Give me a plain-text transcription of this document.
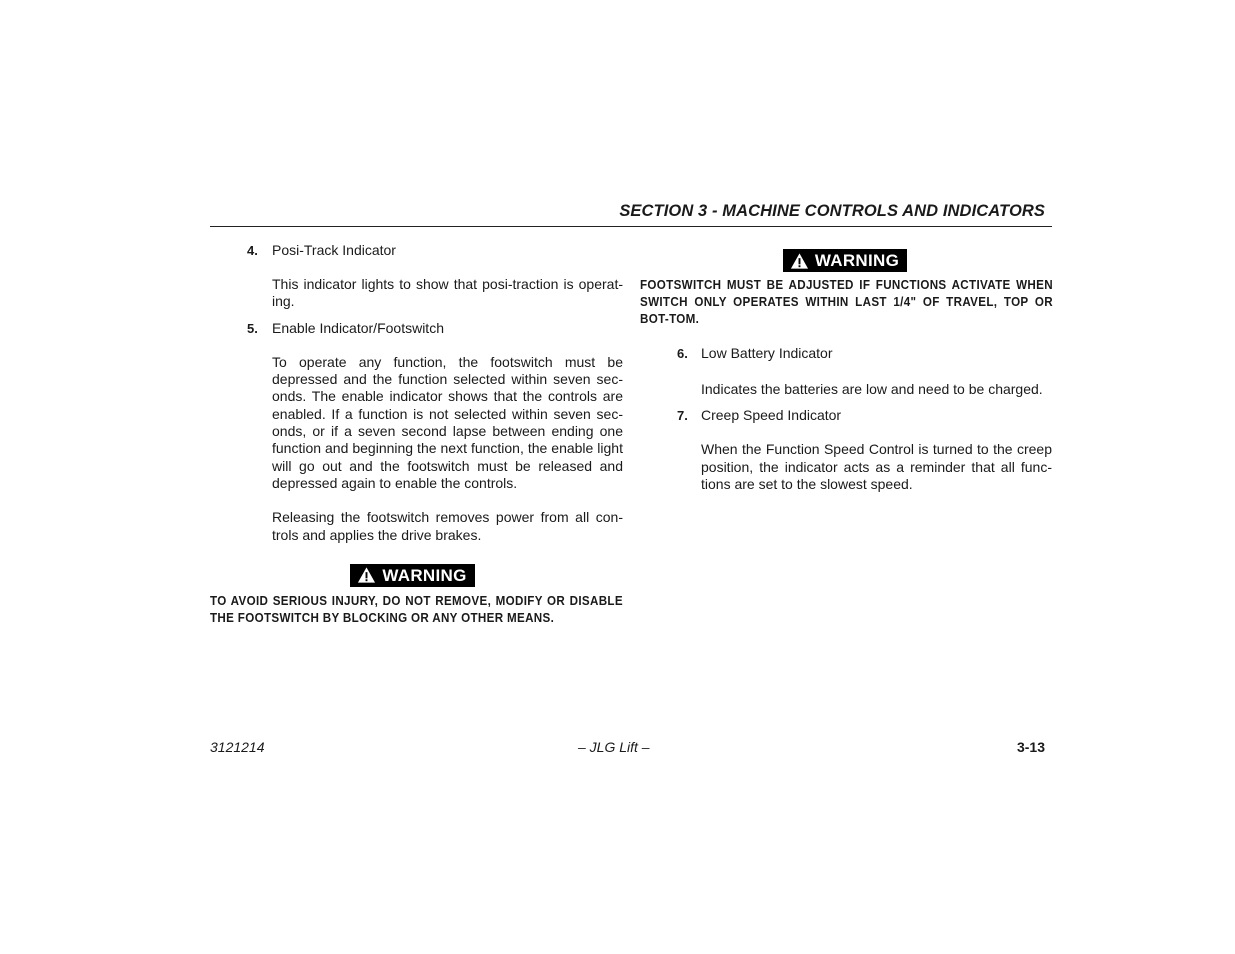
SECTION 3 - MACHINE CONTROLS AND INDICATORS
4. Posi-Track Indicator

This indicator lights to show that posi-traction is operat-ing.

5. Enable Indicator/Footswitch

To operate any function, the footswitch must be depressed and the function selected within seven sec-onds. The enable indicator shows that the controls are enabled. If a function is not selected within seven sec-onds, or if a seven second lapse between ending one function and beginning the next function, the enable light will go out and the footswitch must be released and depressed again to enable the controls.

Releasing the footswitch removes power from all con-trols and applies the drive brakes.

WARNING
TO AVOID SERIOUS INJURY, DO NOT REMOVE, MODIFY OR DISABLE THE FOOTSWITCH BY BLOCKING OR ANY OTHER MEANS.
WARNING
FOOTSWITCH MUST BE ADJUSTED IF FUNCTIONS ACTIVATE WHEN SWITCH ONLY OPERATES WITHIN LAST 1/4" OF TRAVEL, TOP OR BOT-TOM.
6. Low Battery Indicator

Indicates the batteries are low and need to be charged.

7. Creep Speed Indicator

When the Function Speed Control is turned to the creep position, the indicator acts as a reminder that all func-tions are set to the slowest speed.

3121214	– JLG Lift –	3-13
